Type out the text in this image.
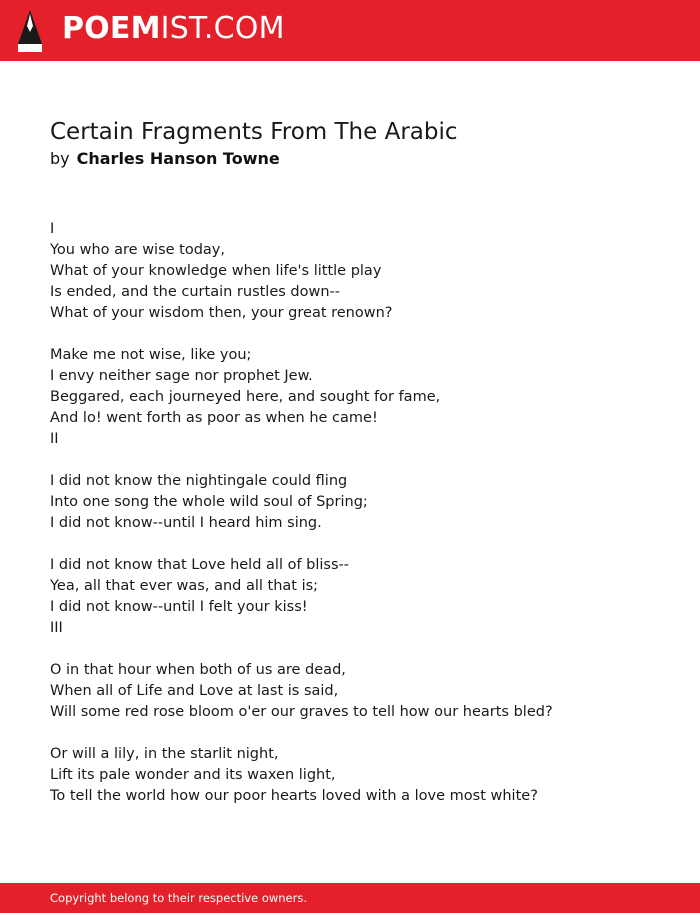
POEMIST.COM
Certain Fragments From The Arabic
by Charles Hanson Towne
I
You who are wise today,
What of your knowledge when life's little play
Is ended, and the curtain rustles down--
What of your wisdom then, your great renown?
Make me not wise, like you;
I envy neither sage nor prophet Jew.
Beggared, each journeyed here, and sought for fame,
And lo! went forth as poor as when he came!
II
I did not know the nightingale could fling
Into one song the whole wild soul of Spring;
I did not know--until I heard him sing.
I did not know that Love held all of bliss--
Yea, all that ever was, and all that is;
I did not know--until I felt your kiss!
III
O in that hour when both of us are dead,
When all of Life and Love at last is said,
Will some red rose bloom o'er our graves to tell how our hearts bled?
Or will a lily, in the starlit night,
Lift its pale wonder and its waxen light,
To tell the world how our poor hearts loved with a love most white?
Copyright belong to their respective owners.
